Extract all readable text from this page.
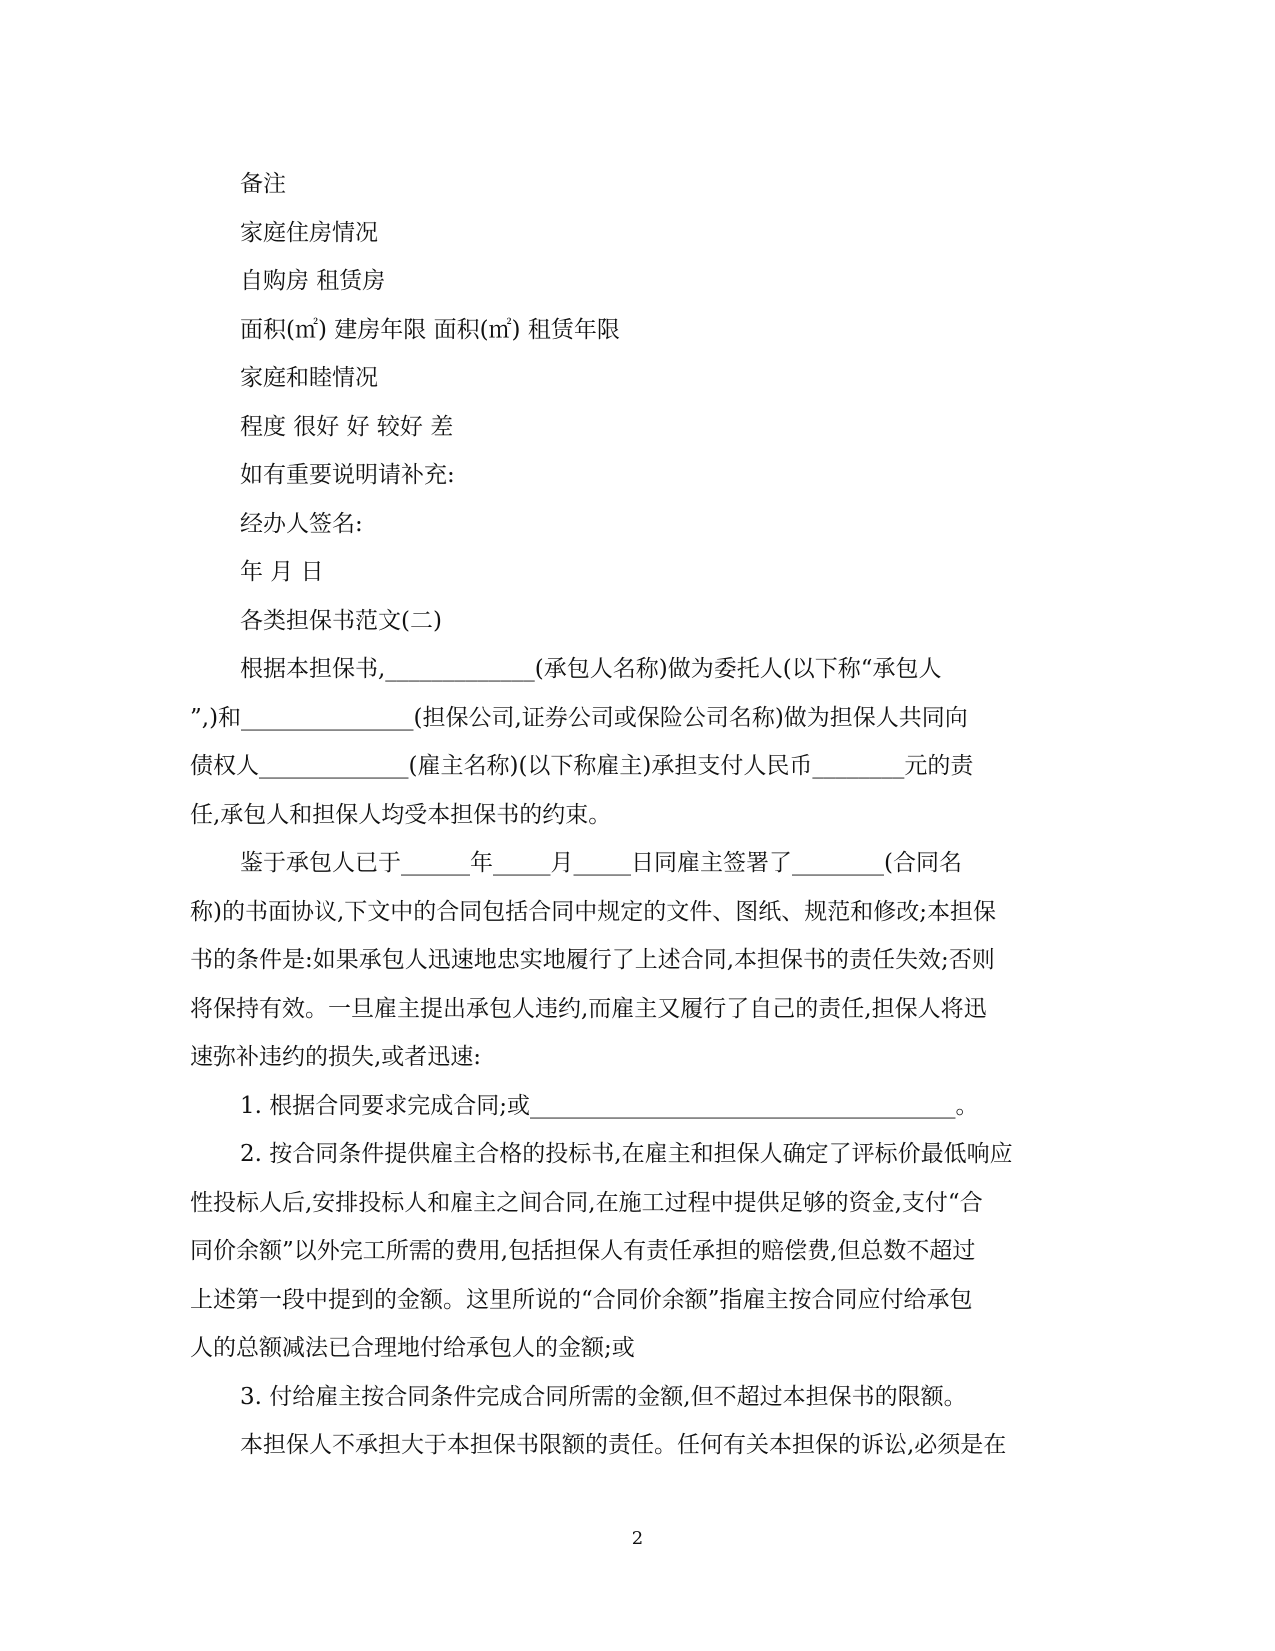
备注
家庭住房情况
自购房 租赁房
面积(㎡) 建房年限 面积(㎡) 租赁年限
家庭和睦情况
程度 很好 好 较好 差
如有重要说明请补充:
经办人签名:
年 月 日
各类担保书范文(二)
根据本担保书,_____________(承包人名称)做为委托人(以下称“承包人
”,)和_______________(担保公司,证券公司或保险公司名称)做为担保人共同向
债权人_____________(雇主名称)(以下称雇主)承担支付人民币________元的责
任,承包人和担保人均受本担保书的约束。
鉴于承包人已于______年_____月_____日同雇主签署了________(合同名
称)的书面协议,下文中的合同包括合同中规定的文件、图纸、规范和修改;本担保
书的条件是:如果承包人迅速地忠实地履行了上述合同,本担保书的责任失效;否则
将保持有效。一旦雇主提出承包人违约,而雇主又履行了自己的责任,担保人将迅
速弥补违约的损失,或者迅速:
1. 根据合同要求完成合同;或_____________________________________。
2. 按合同条件提供雇主合格的投标书,在雇主和担保人确定了评标价最低响应
性投标人后,安排投标人和雇主之间合同,在施工过程中提供足够的资金,支付“合
同价余额”以外完工所需的费用,包括担保人有责任承担的赔偿费,但总数不超过
上述第一段中提到的金额。这里所说的“合同价余额”指雇主按合同应付给承包
人的总额减法已合理地付给承包人的金额;或
3. 付给雇主按合同条件完成合同所需的金额,但不超过本担保书的限额。
本担保人不承担大于本担保书限额的责任。任何有关本担保的诉讼,必须是在
2
